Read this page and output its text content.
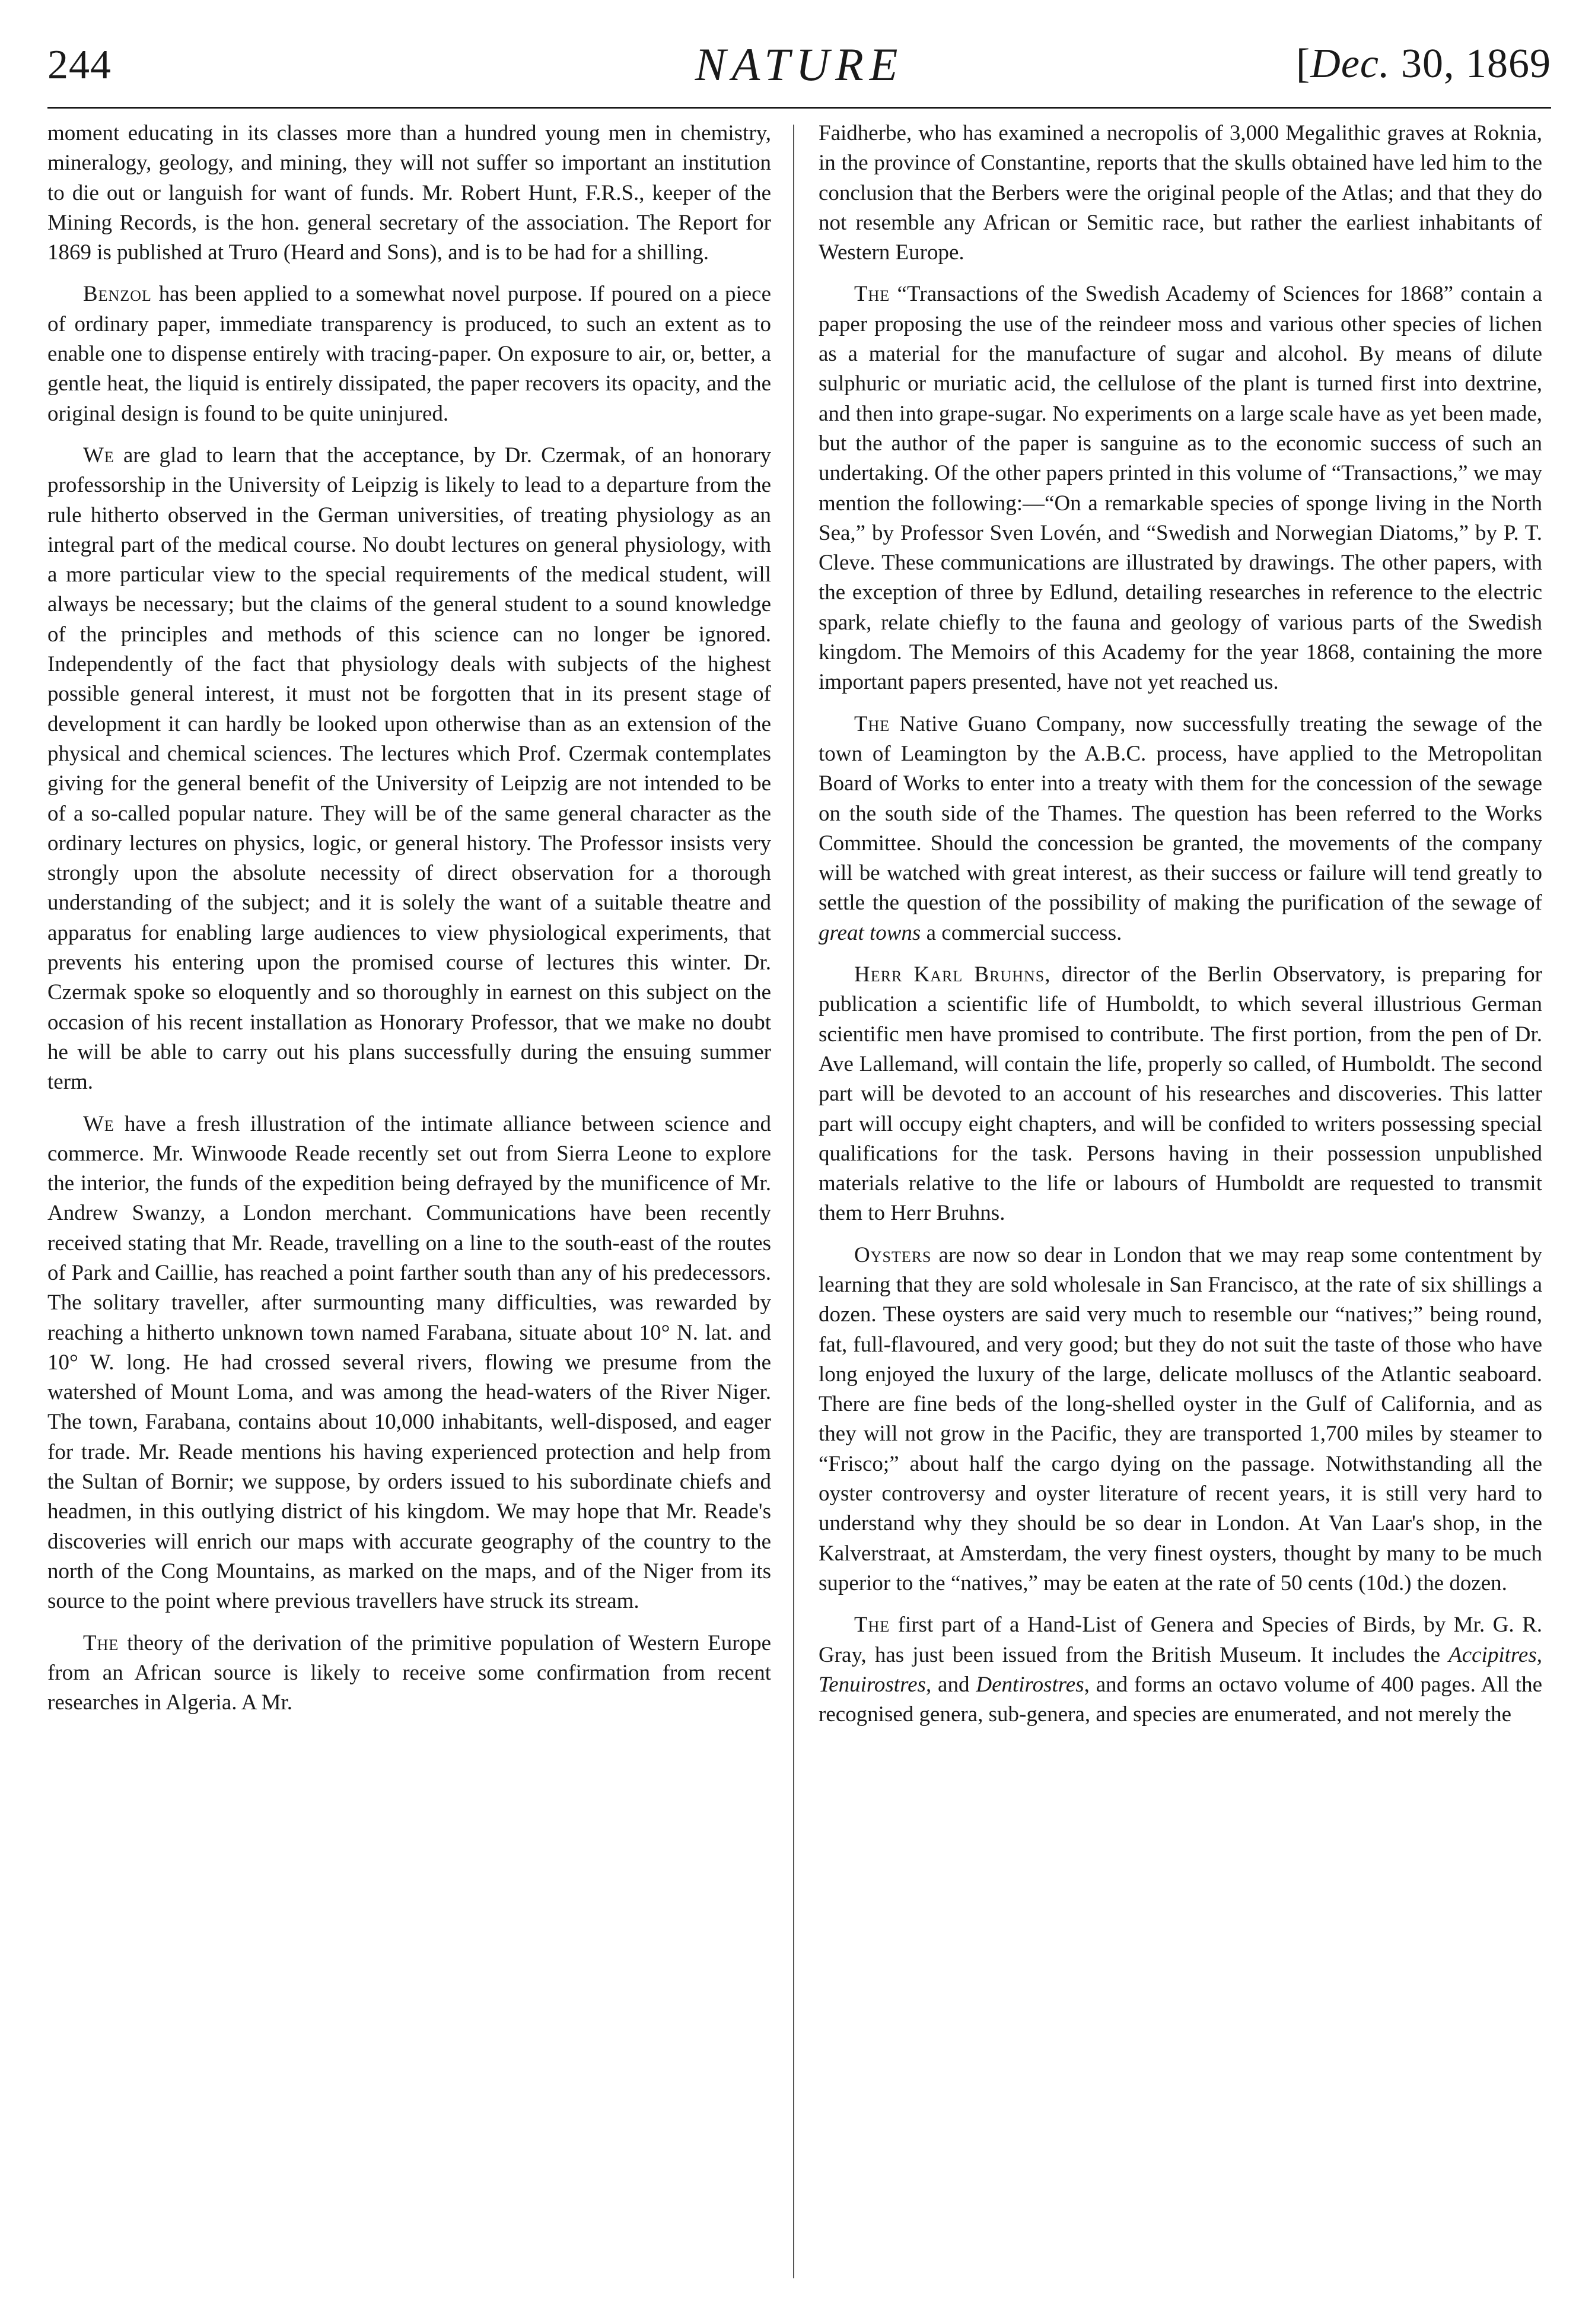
244	NATURE	[Dec. 30, 1869

moment educating in its classes more than a hundred young men in chemistry, mineralogy, geology, and mining, they will not suffer so important an institution to die out or languish for want of funds. Mr. Robert Hunt, F.R.S., keeper of the Mining Records, is the hon. general secretary of the association. The Report for 1869 is published at Truro (Heard and Sons), and is to be had for a shilling.

Benzol has been applied to a somewhat novel purpose. If poured on a piece of ordinary paper, immediate transparency is produced, to such an extent as to enable one to dispense entirely with tracing-paper. On exposure to air, or, better, a gentle heat, the liquid is entirely dissipated, the paper recovers its opacity, and the original design is found to be quite uninjured.

We are glad to learn that the acceptance, by Dr. Czermak, of an honorary professorship in the University of Leipzig is likely to lead to a departure from the rule hitherto observed in the German universities, of treating physiology as an integral part of the medical course. No doubt lectures on general physiology, with a more particular view to the special requirements of the medical student, will always be necessary; but the claims of the general student to a sound knowledge of the principles and methods of this science can no longer be ignored. Independently of the fact that physiology deals with subjects of the highest possible general interest, it must not be forgotten that in its present stage of development it can hardly be looked upon otherwise than as an extension of the physical and chemical sciences. The lectures which Prof. Czermak contemplates giving for the general benefit of the University of Leipzig are not intended to be of a so-called popular nature. They will be of the same general character as the ordinary lectures on physics, logic, or general history. The Professor insists very strongly upon the absolute necessity of direct observation for a thorough understanding of the subject; and it is solely the want of a suitable theatre and apparatus for enabling large audiences to view physiological experiments, that prevents his entering upon the promised course of lectures this winter. Dr. Czermak spoke so eloquently and so thoroughly in earnest on this subject on the occasion of his recent installation as Honorary Professor, that we make no doubt he will be able to carry out his plans successfully during the ensuing summer term.

We have a fresh illustration of the intimate alliance between science and commerce. Mr. Winwoode Reade recently set out from Sierra Leone to explore the interior, the funds of the expedition being defrayed by the munificence of Mr. Andrew Swanzy, a London merchant. Communications have been recently received stating that Mr. Reade, travelling on a line to the south-east of the routes of Park and Caillie, has reached a point farther south than any of his predecessors. The solitary traveller, after surmounting many difficulties, was rewarded by reaching a hitherto unknown town named Farabana, situate about 10° N. lat. and 10° W. long. He had crossed several rivers, flowing we presume from the watershed of Mount Loma, and was among the head-waters of the River Niger. The town, Farabana, contains about 10,000 inhabitants, well-disposed, and eager for trade. Mr. Reade mentions his having experienced protection and help from the Sultan of Bornir; we suppose, by orders issued to his subordinate chiefs and headmen, in this outlying district of his kingdom. We may hope that Mr. Reade's discoveries will enrich our maps with accurate geography of the country to the north of the Cong Mountains, as marked on the maps, and of the Niger from its source to the point where previous travellers have struck its stream.

The theory of the derivation of the primitive population of Western Europe from an African source is likely to receive some confirmation from recent researches in Algeria. A Mr.

Faidherbe, who has examined a necropolis of 3,000 Megalithic graves at Roknia, in the province of Constantine, reports that the skulls obtained have led him to the conclusion that the Berbers were the original people of the Atlas; and that they do not resemble any African or Semitic race, but rather the earliest inhabitants of Western Europe.

The “Transactions of the Swedish Academy of Sciences for 1868” contain a paper proposing the use of the reindeer moss and various other species of lichen as a material for the manufacture of sugar and alcohol. By means of dilute sulphuric or muriatic acid, the cellulose of the plant is turned first into dextrine, and then into grape-sugar. No experiments on a large scale have as yet been made, but the author of the paper is sanguine as to the economic success of such an undertaking. Of the other papers printed in this volume of “Transactions,” we may mention the following:—“On a remarkable species of sponge living in the North Sea,” by Professor Sven Lovén, and “Swedish and Norwegian Diatoms,” by P. T. Cleve. These communications are illustrated by drawings. The other papers, with the exception of three by Edlund, detailing researches in reference to the electric spark, relate chiefly to the fauna and geology of various parts of the Swedish kingdom. The Memoirs of this Academy for the year 1868, containing the more important papers presented, have not yet reached us.

The Native Guano Company, now successfully treating the sewage of the town of Leamington by the A.B.C. process, have applied to the Metropolitan Board of Works to enter into a treaty with them for the concession of the sewage on the south side of the Thames. The question has been referred to the Works Committee. Should the concession be granted, the movements of the company will be watched with great interest, as their success or failure will tend greatly to settle the question of the possibility of making the purification of the sewage of great towns a commercial success.

Herr Karl Bruhns, director of the Berlin Observatory, is preparing for publication a scientific life of Humboldt, to which several illustrious German scientific men have promised to contribute. The first portion, from the pen of Dr. Ave Lallemand, will contain the life, properly so called, of Humboldt. The second part will be devoted to an account of his researches and discoveries. This latter part will occupy eight chapters, and will be confided to writers possessing special qualifications for the task. Persons having in their possession unpublished materials relative to the life or labours of Humboldt are requested to transmit them to Herr Bruhns.

Oysters are now so dear in London that we may reap some contentment by learning that they are sold wholesale in San Francisco, at the rate of six shillings a dozen. These oysters are said very much to resemble our “natives;” being round, fat, full-flavoured, and very good; but they do not suit the taste of those who have long enjoyed the luxury of the large, delicate molluscs of the Atlantic seaboard. There are fine beds of the long-shelled oyster in the Gulf of California, and as they will not grow in the Pacific, they are transported 1,700 miles by steamer to “Frisco;” about half the cargo dying on the passage. Notwithstanding all the oyster controversy and oyster literature of recent years, it is still very hard to understand why they should be so dear in London. At Van Laar's shop, in the Kalverstraat, at Amsterdam, the very finest oysters, thought by many to be much superior to the “natives,” may be eaten at the rate of 50 cents (10d.) the dozen.

The first part of a Hand-List of Genera and Species of Birds, by Mr. G. R. Gray, has just been issued from the British Museum. It includes the Accipitres, Tenuirostres, and Dentirostres, and forms an octavo volume of 400 pages. All the recognised genera, sub-genera, and species are enumerated, and not merely the
